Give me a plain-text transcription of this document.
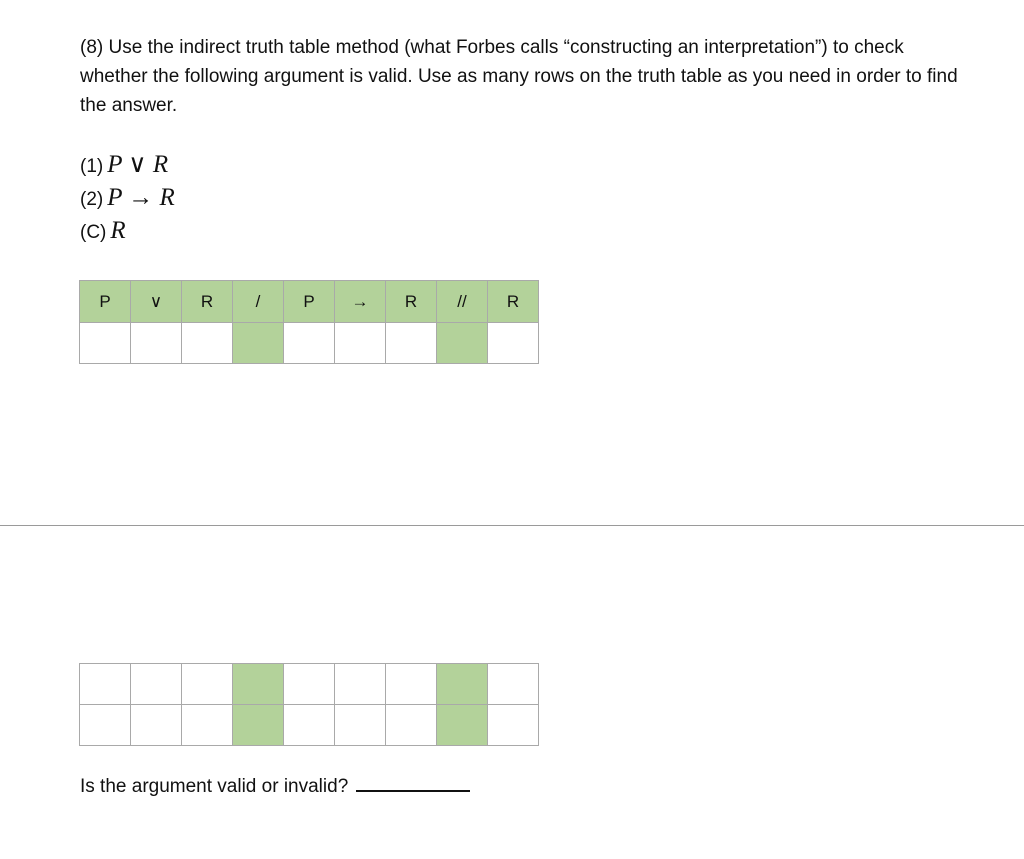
(8) Use the indirect truth table method (what Forbes calls “constructing an interpretation”) to check whether the following argument is valid. Use as many rows on the truth table as you need in order to find the answer.

(1) P ∨ R
(2) P → R
(C) R
P	∨	R	/	P	→	R	//	R

Is the argument valid or invalid?
